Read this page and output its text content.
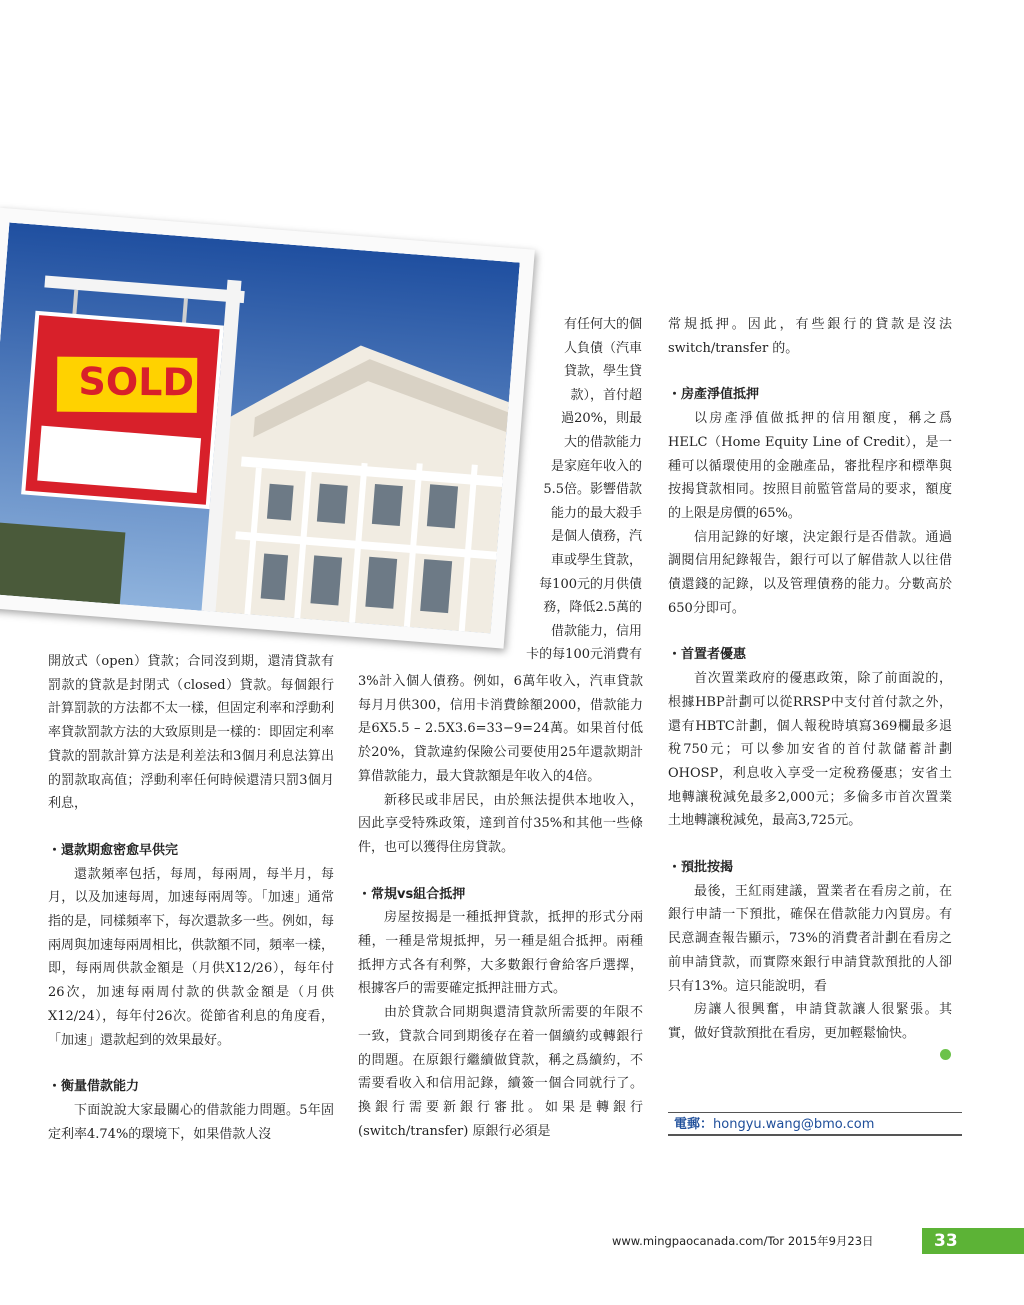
SOLD
有任何大的個
人負債（汽車
貸款，學生貸
款），首付超
過20%，則最
大的借款能力
是家庭年收入的
5.5倍。影響借款
能力的最大殺手
是個人債務，汽
車或學生貸款，
每100元的月供債
務，降低2.5萬的
借款能力，信用
卡的每100元消費有

開放式（open）貸款；合同沒到期，還清貸款有罰款的貸款是封閉式（closed）貸款。每個銀行計算罰款的方法都不太一樣，但固定利率和浮動利率貸款罰款方法的大致原則是一樣的：即固定利率貸款的罰款計算方法是利差法和3個月利息法算出的罰款取高值；浮動利率任何時候還清只罰3個月利息，

・還款期愈密愈早供完

還款頻率包括，每周，每兩周，每半月，每月，以及加速每周，加速每兩周等。「加速」通常指的是，同樣頻率下，每次還款多一些。例如，每兩周與加速每兩周相比，供款額不同，頻率一樣，即，每兩周供款金額是（月供X12/26），每年付26次，加速每兩周付款的供款金額是（月供X12/24），每年付26次。從節省利息的角度看，「加速」還款起到的效果最好。

・衡量借款能力

下面說說大家最關心的借款能力問題。5年固定利率4.74%的環境下，如果借款人沒

3%計入個人債務。例如，6萬年收入，汽車貸款每月月供300，信用卡消費餘額2000，借款能力是6X5.5 – 2.5X3.6=33−9=24萬。如果首付低於20%，貸款違約保險公司要使用25年還款期計算借款能力，最大貸款額是年收入的4倍。

新移民或非居民，由於無法提供本地收入，因此享受特殊政策，達到首付35%和其他一些條件，也可以獲得住房貸款。

・常規vs組合抵押

房屋按揭是一種抵押貸款，抵押的形式分兩種，一種是常規抵押，另一種是組合抵押。兩種抵押方式各有利弊，大多數銀行會給客戶選擇，根據客戶的需要確定抵押註冊方式。

由於貸款合同期與還清貸款所需要的年限不一致，貸款合同到期後存在着一個續約或轉銀行的問題。在原銀行繼續做貸款，稱之爲續約，不需要看收入和信用記錄，續簽一個合同就行了。換銀行需要新銀行審批。如果是轉銀行(switch/transfer) 原銀行必須是

常規抵押。因此，有些銀行的貸款是沒法switch/transfer 的。

・房產淨值抵押

以房產淨值做抵押的信用額度，稱之爲HELC（Home Equity Line of Credit），是一種可以循環使用的金融產品，審批程序和標準與按揭貸款相同。按照目前監管當局的要求，額度的上限是房價的65%。

信用記錄的好壞，決定銀行是否借款。通過調閱信用紀錄報告，銀行可以了解借款人以往借債還錢的記錄，以及管理債務的能力。分數高於650分即可。

・首置者優惠

首次置業政府的優惠政策，除了前面說的，根據HBP計劃可以從RRSP中支付首付款之外，還有HBTC計劃，個人報稅時填寫369欄最多退稅750元；可以參加安省的首付款儲蓄計劃OHOSP，利息收入享受一定稅務優惠；安省土地轉讓稅減免最多2,000元；多倫多市首次置業土地轉讓稅減免，最高3,725元。

・預批按揭

最後，王紅雨建議，置業者在看房之前，在銀行申請一下預批，確保在借款能力內買房。有民意調查報告顯示，73%的消費者計劃在看房之前申請貸款，而實際來銀行申請貸款預批的人卻只有13%。這只能說明，看

房讓人很興奮，申請貸款讓人很緊張。其實，做好貸款預批在看房，更加輕鬆愉快。

電郵：hongyu.wang@bmo.com
www.mingpaocanada.com/Tor 2015年9月23日	33
